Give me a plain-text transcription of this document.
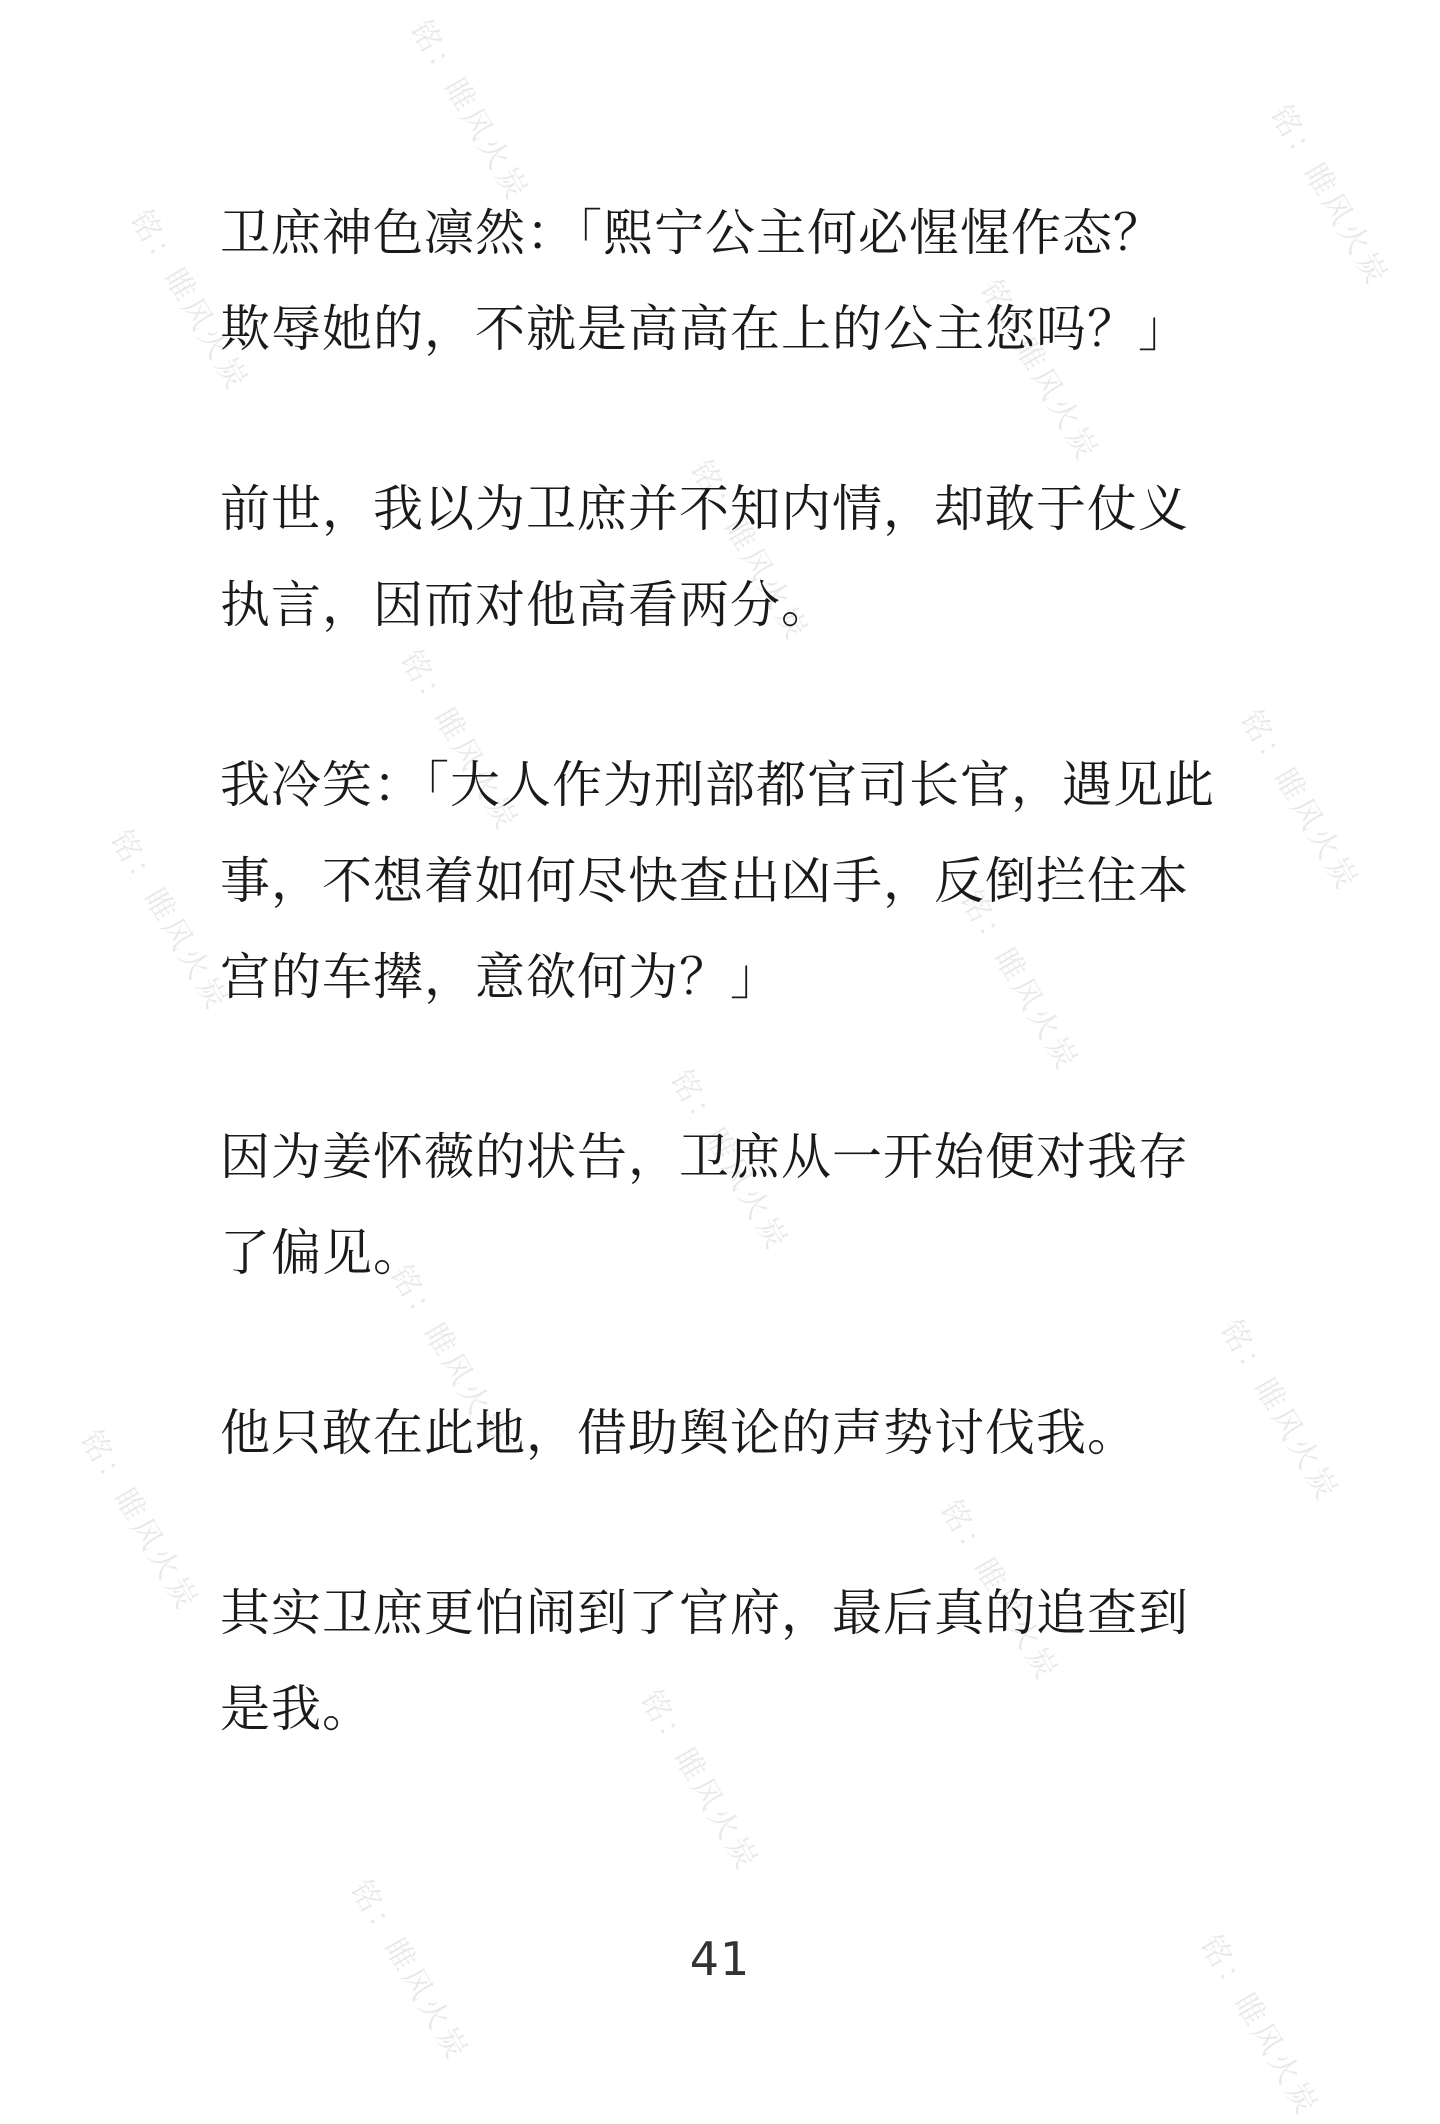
铭：睢风火炭	铭：睢风火炭
铭：睢风火炭	铭：睢风火炭
铭：睢风火炭
铭：睢风火炭	铭：睢风火炭
铭：睢风火炭	铭：睢风火炭
铭：睢风火炭
铭：睢风火炭	铭：睢风火炭
铭：睢风火炭	铭：睢风火炭
铭：睢风火炭
铭：睢风火炭	铭：睢风火炭

卫庶神色凛然：「熙宁公主何必惺惺作态？
欺辱她的，不就是高高在上的公主您吗？」

前世，我以为卫庶并不知内情，却敢于仗义
执言，因而对他高看两分。

我冷笑：「大人作为刑部都官司长官，遇见此
事，不想着如何尽快查出凶手，反倒拦住本
宫的车撵，意欲何为？」

因为姜怀薇的状告，卫庶从一开始便对我存
了偏见。

他只敢在此地，借助舆论的声势讨伐我。

其实卫庶更怕闹到了官府，最后真的追查到
是我。

41
